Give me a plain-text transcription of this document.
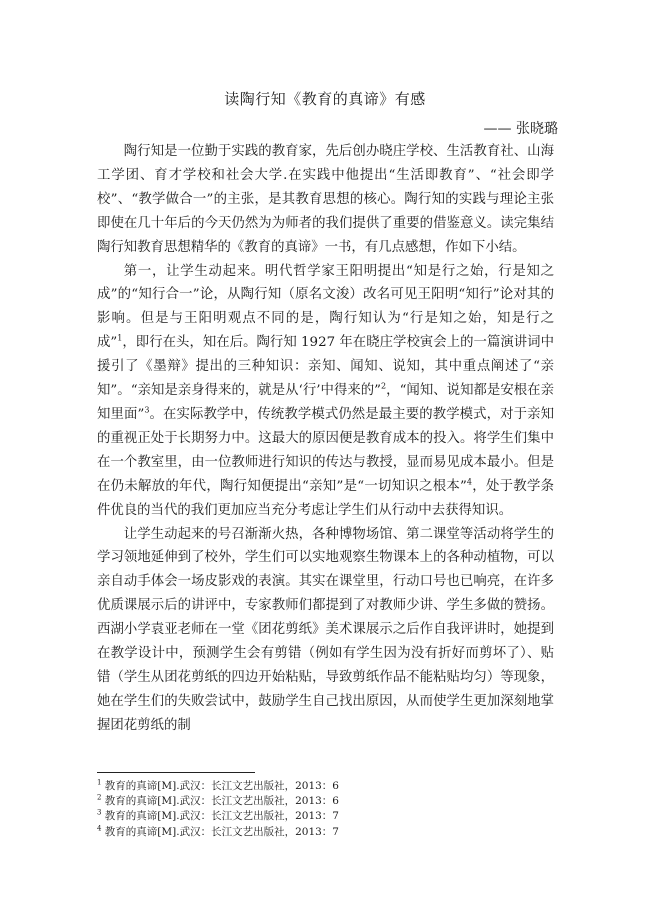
读陶行知《教育的真谛》有感
—— 张晓璐

陶行知是一位勤于实践的教育家，先后创办晓庄学校、生活教育社、山海工学团、育才学校和社会大学.在实践中他提出“生活即教育”、“社会即学校”、“教学做合一”的主张，是其教育思想的核心。陶行知的实践与理论主张即使在几十年后的今天仍然为为师者的我们提供了重要的借鉴意义。读完集结陶行知教育思想精华的《教育的真谛》一书，有几点感想，作如下小结。

第一，让学生动起来。明代哲学家王阳明提出“知是行之始，行是知之成”的“知行合一”论，从陶行知（原名文浚）改名可见王阳明“知行”论对其的影响。但是与王阳明观点不同的是，陶行知认为“行是知之始，知是行之成”$^1$，即行在头，知在后。陶行知 1927 年在晓庄学校寅会上的一篇演讲词中援引了《墨辩》提出的三种知识：亲知、闻知、说知，其中重点阐述了“亲知”。“亲知是亲身得来的，就是从‘行’中得来的”$^2$，“闻知、说知都是安根在亲知里面”$^3$。在实际教学中，传统教学模式仍然是最主要的教学模式，对于亲知的重视正处于长期努力中。这最大的原因便是教育成本的投入。将学生们集中在一个教室里，由一位教师进行知识的传达与教授，显而易见成本最小。但是在仍未解放的年代，陶行知便提出“亲知”是“一切知识之根本”$^4$，处于教学条件优良的当代的我们更加应当充分考虑让学生们从行动中去获得知识。

让学生动起来的号召渐渐火热，各种博物场馆、第二课堂等活动将学生的学习领地延伸到了校外，学生们可以实地观察生物课本上的各种动植物，可以亲自动手体会一场皮影戏的表演。其实在课堂里，行动口号也已响亮，在许多优质课展示后的讲评中，专家教师们都提到了对教师少讲、学生多做的赞扬。西湖小学袁亚老师在一堂《团花剪纸》美术课展示之后作自我评讲时，她提到在教学设计中，预测学生会有剪错（例如有学生因为没有折好而剪坏了）、贴错（学生从团花剪纸的四边开始粘贴，导致剪纸作品不能粘贴均匀）等现象，她在学生们的失败尝试中，鼓励学生自己找出原因，从而使学生更加深刻地掌握团花剪纸的制

$^1$ 教育的真谛[M].武汉：长江文艺出版社，2013：6
$^2$ 教育的真谛[M].武汉：长江文艺出版社，2013：6
$^3$ 教育的真谛[M].武汉：长江文艺出版社，2013：7
$^4$ 教育的真谛[M].武汉：长江文艺出版社，2013：7
